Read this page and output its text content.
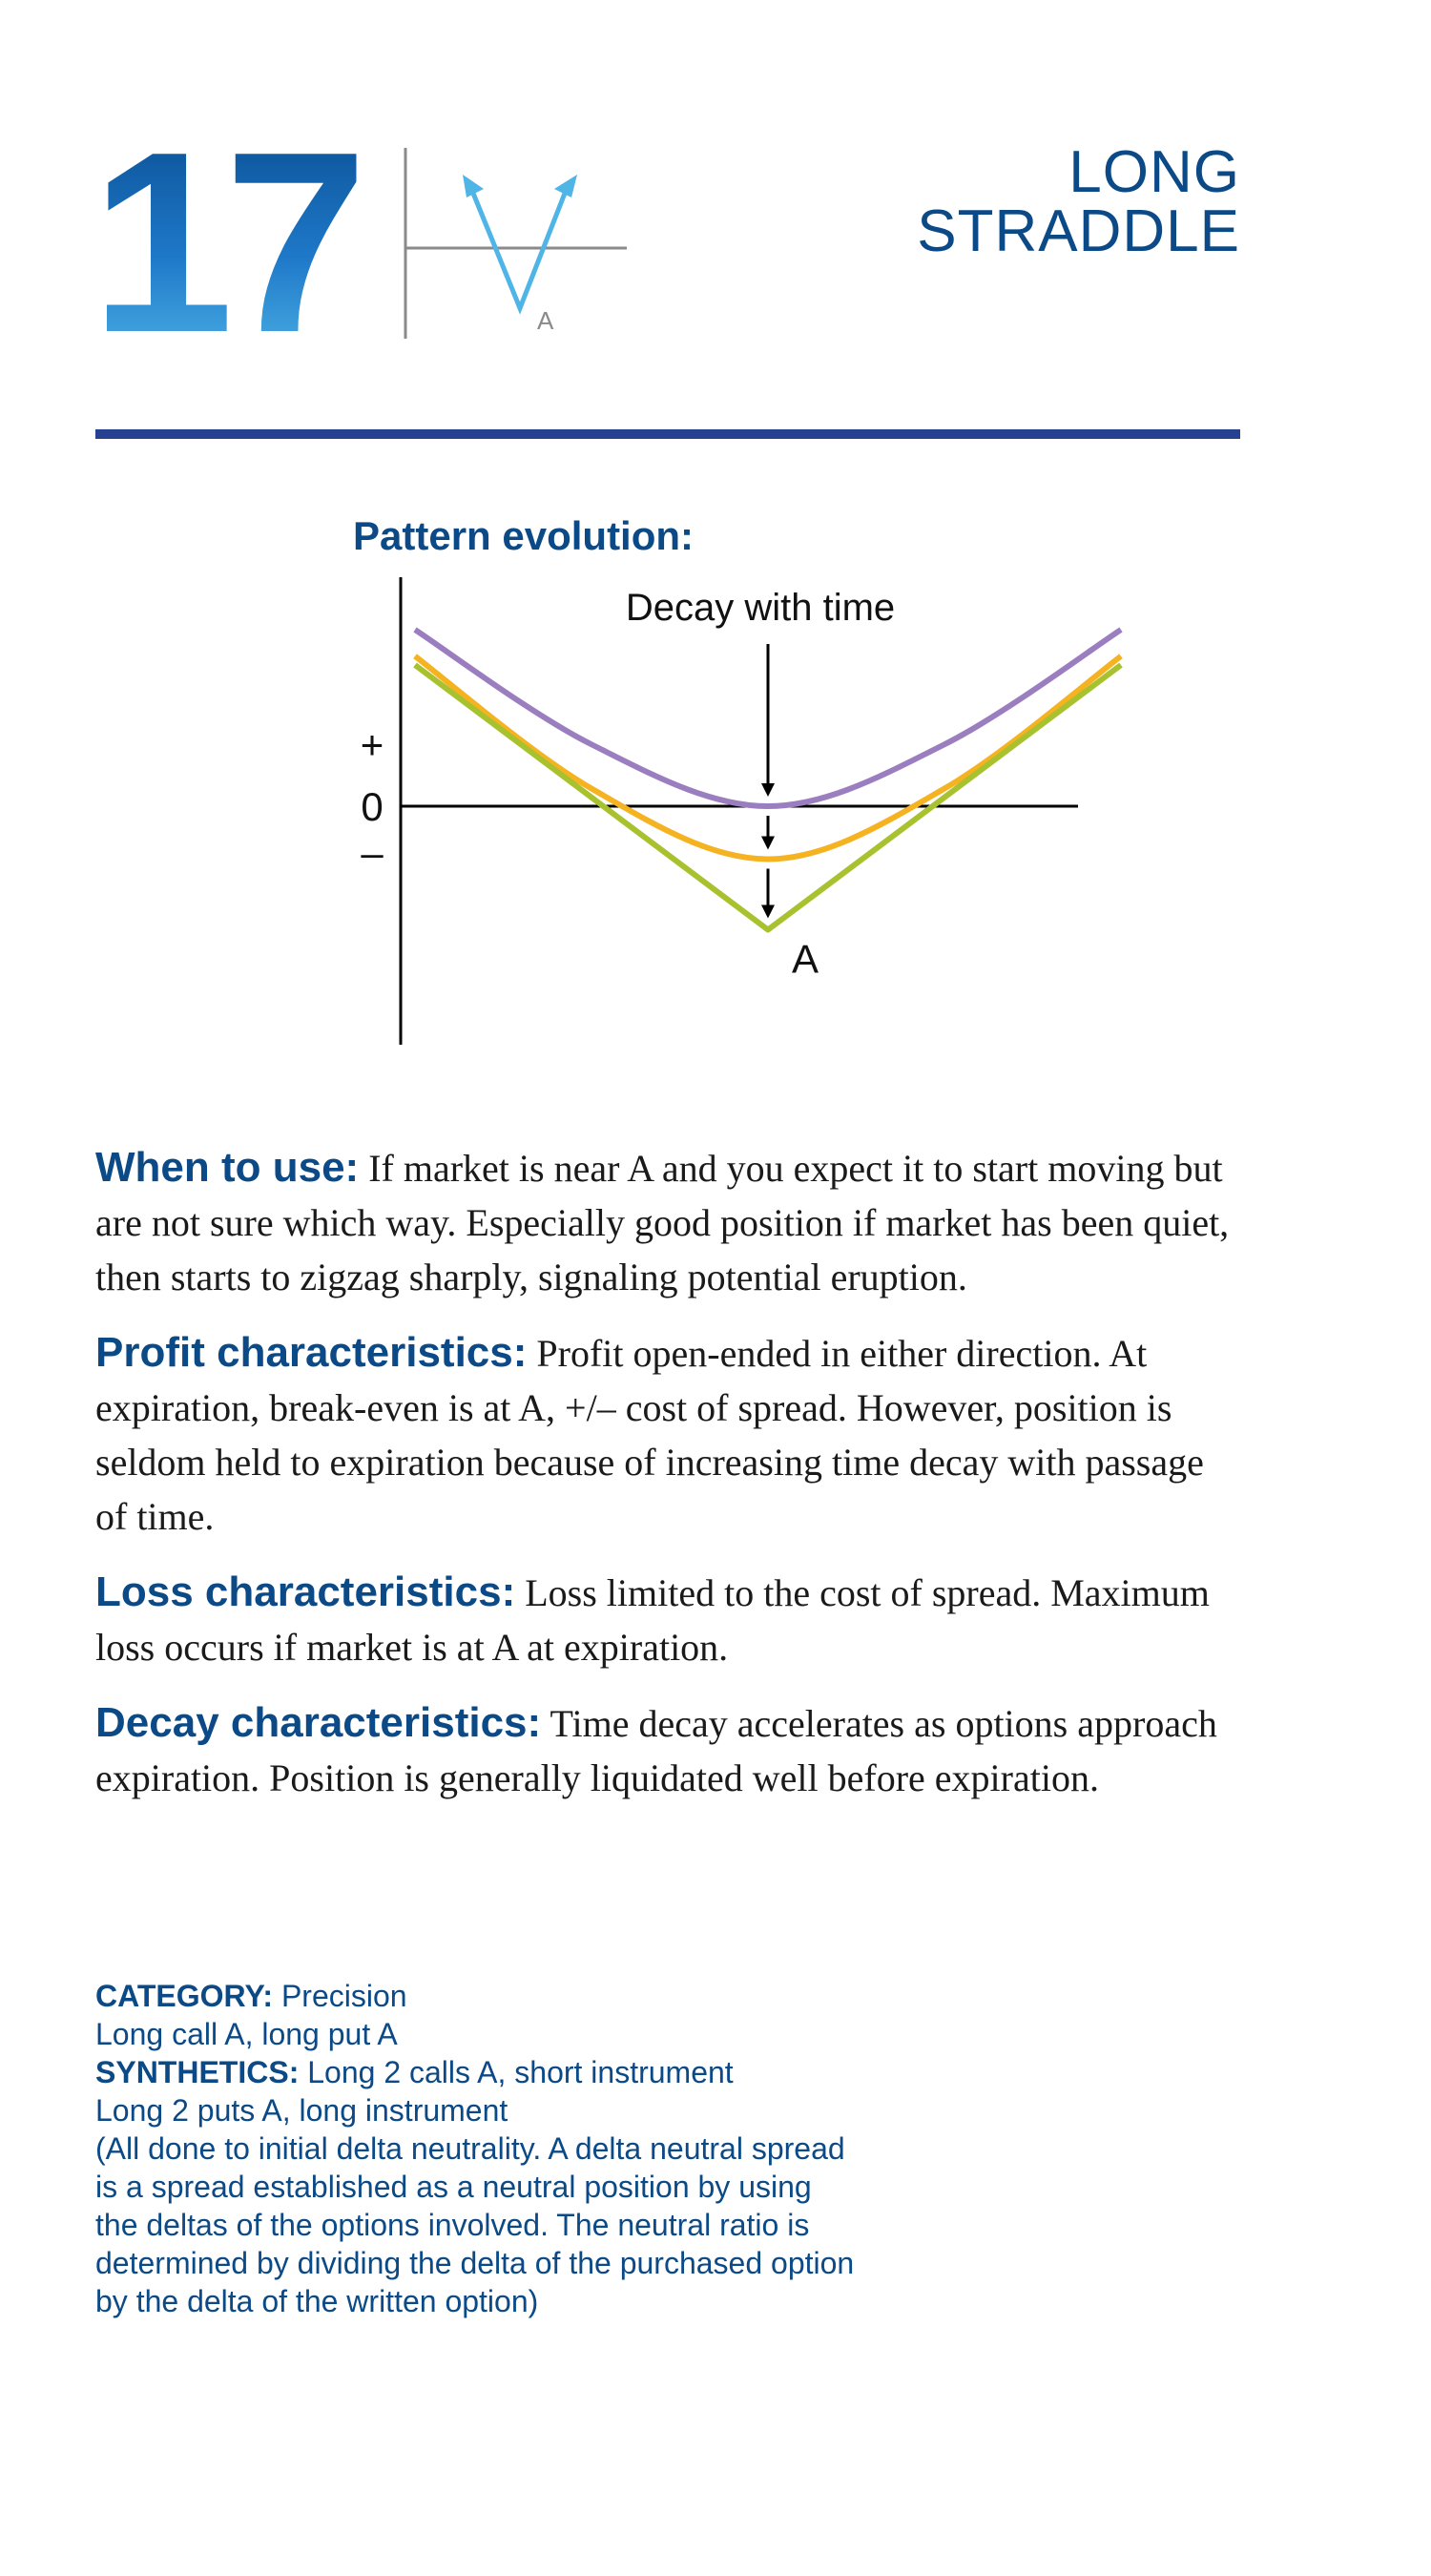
17	A
LONG
STRADDLE
Pattern evolution:
Decay with time
+
0
–
A

When to use: If market is near A and you expect it to start moving but are not sure which way. Especially good position if market has been quiet, then starts to zigzag sharply, signaling potential eruption.

Profit characteristics: Profit open-ended in either direction. At expiration, break-even is at A, +/– cost of spread. However, position is seldom held to expiration because of increasing time decay with passage of time.

Loss characteristics: Loss limited to the cost of spread. Maximum loss occurs if market is at A at expiration.

Decay characteristics: Time decay accelerates as options approach expiration. Position is generally liquidated well before expiration.

CATEGORY: Precision
Long call A, long put A
SYNTHETICS: Long 2 calls A, short instrument
Long 2 puts A, long instrument
(All done to initial delta neutrality. A delta neutral spread
is a spread established as a neutral position by using
the deltas of the options involved. The neutral ratio is
determined by dividing the delta of the purchased option
by the delta of the written option)
